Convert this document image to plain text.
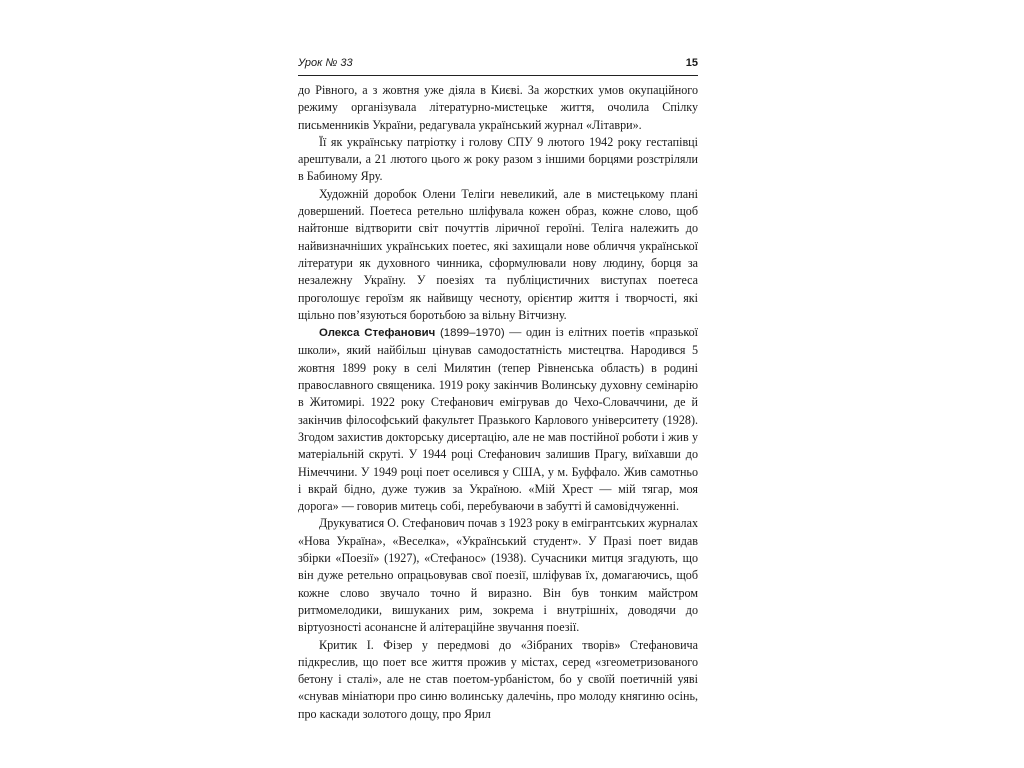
Урок № 33	15

до Рівного, а з жовтня уже діяла в Києві. За жорстких умов окупаційного режиму організувала літературно-мистецьке життя, очолила Спілку письменників України, редагувала український журнал «Літаври».

Її як українську патріотку і голову СПУ 9 лютого 1942 року гестапівці арештували, а 21 лютого цього ж року разом з іншими борцями розстріляли в Бабиному Яру.

Художній доробок Олени Теліги невеликий, але в мистецькому плані довершений. Поетеса ретельно шліфувала кожен образ, кожне слово, щоб найтонше відтворити світ почуттів ліричної героїні. Теліга належить до найвизначніших українських поетес, які захищали нове обличчя української літератури як духовного чинника, сформулювали нову людину, борця за незалежну Україну. У поезіях та публіцистичних виступах поетеса проголошує героїзм як найвищу чесноту, орієнтир життя і творчості, які щільно пов’язуються боротьбою за вільну Вітчизну.

Олекса Стефанович (1899–1970) — один із елітних поетів «празької школи», який найбільш цінував самодостатність мистецтва. Народився 5 жовтня 1899 року в селі Милятин (тепер Рівненська область) в родині православного священика. 1919 року закінчив Волинську духовну семінарію в Житомирі. 1922 року Стефанович емігрував до Чехо-Словаччини, де й закінчив філософський факультет Празького Карлового університету (1928). Згодом захистив докторську дисертацію, але не мав постійної роботи і жив у матеріальній скруті. У 1944 році Стефанович залишив Прагу, виїхавши до Німеччини. У 1949 році поет оселився у США, у м. Буффало. Жив самотньо і вкрай бідно, дуже тужив за Україною. «Мій Хрест — мій тягар, моя дорога» — говорив митець собі, перебуваючи в забутті й самовідчуженні.

Друкуватися О. Стефанович почав з 1923 року в емігрантських журналах «Нова Україна», «Веселка», «Український студент». У Празі поет видав збірки «Поезії» (1927), «Стефанос» (1938). Сучасники митця згадують, що він дуже ретельно опрацьовував свої поезії, шліфував їх, домагаючись, щоб кожне слово звучало точно й виразно. Він був тонким майстром ритмомелодики, вишуканих рим, зокрема і внутрішніх, доводячи до віртуозності асонансне й алітераційне звучання поезії.

Критик І. Фізер у передмові до «Зібраних творів» Стефановича підкреслив, що поет все життя прожив у містах, серед «згеометризованого бетону і сталі», але не став поетом-урбаністом, бо у своїй поетичній уяві «снував мініатюри про синю волинську далечінь, про молоду княгиню осінь, про каскади золотого дощу, про Ярил
